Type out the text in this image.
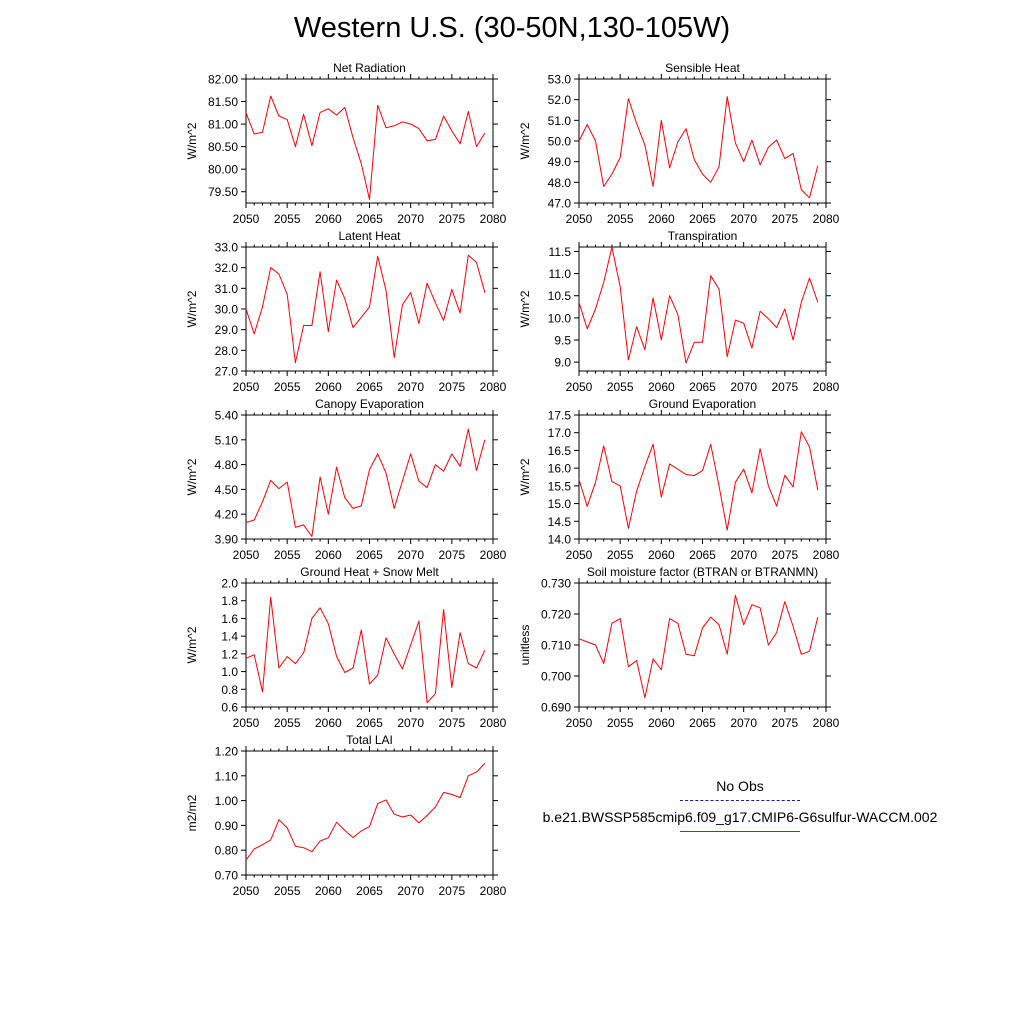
Western U.S. (30-50N,130-105W)
2050 2055 2060 2065 2070 2075 2080
79.50
80.00
80.50
81.00
81.50
82.00
Net Radiation
W/m^2
2050 2055 2060 2065 2070 2075 2080
47.0
48.0
49.0
50.0
51.0
52.0
53.0
Sensible Heat
W/m^2
2050 2055 2060 2065 2070 2075 2080
27.0
28.0
29.0
30.0
31.0
32.0
33.0
Latent Heat
W/m^2
2050 2055 2060 2065 2070 2075 2080
9.0
9.5
10.0
10.5
11.0
11.5
Transpiration
W/m^2
2050 2055 2060 2065 2070 2075 2080
3.90
4.20
4.50
4.80
5.10
5.40
Canopy Evaporation
W/m^2
2050 2055 2060 2065 2070 2075 2080
14.0
14.5
15.0
15.5
16.0
16.5
17.0
17.5
Ground Evaporation
W/m^2
2050 2055 2060 2065 2070 2075 2080
0.6
0.8
1.0
1.2
1.4
1.6
1.8
2.0
Ground Heat + Snow Melt
W/m^2
2050 2055 2060 2065 2070 2075 2080
0.690
0.700
0.710
0.720
0.730
Soil moisture factor (BTRAN or BTRANMN)
unitless
2050 2055 2060 2065 2070 2075 2080
0.70
0.80
0.90
1.00
1.10
1.20
Total LAI
m2/m2
No Obs
b.e21.BWSSP585cmip6.f09_g17.CMIP6-G6sulfur-WACCM.002
